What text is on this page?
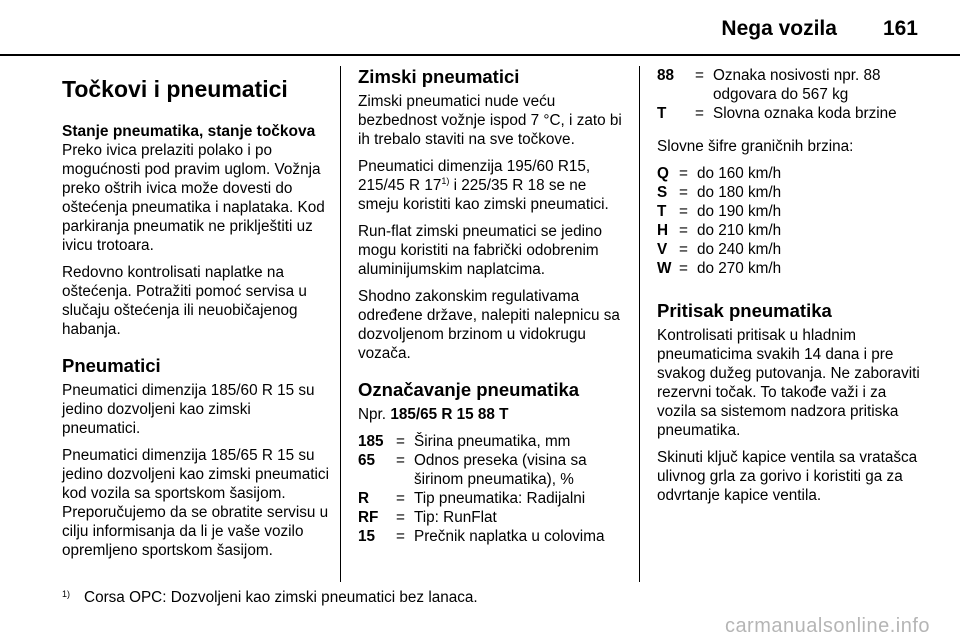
Nega vozila 161
Točkovi i pneumatici
Stanje pneumatika, stanje točkova

Preko ivica prelaziti polako i po mogućnosti pod pravim uglom. Vožnja preko oštrih ivica može dovesti do oštećenja pneumatika i naplataka. Kod parkiranja pneumatik ne priklještiti uz ivicu trotoara.

Redovno kontrolisati naplatke na oštećenja. Potražiti pomoć servisa u slučaju oštećenja ili neuobičajenog habanja.

Pneumatici

Pneumatici dimenzija 185/60 R 15 su jedino dozvoljeni kao zimski pneumatici.

Pneumatici dimenzija 185/65 R 15 su jedino dozvoljeni kao zimski pneumatici kod vozila sa sportskom šasijom. Preporučujemo da se obratite servisu u cilju informisanja da li je vaše vozilo opremljeno sportskom šasijom.

Zimski pneumatici

Zimski pneumatici nude veću bezbednost vožnje ispod 7 °C, i zato bi ih trebalo staviti na sve točkove.

Pneumatici dimenzija 195/60 R15, 215/45 R 17$^{1)}$ i 225/35 R 18 se ne smeju koristiti kao zimski pneumatici.

Run-flat zimski pneumatici se jedino mogu koristiti na fabrički odobrenim aluminijumskim naplatcima.

Shodno zakonskim regulativama određene države, nalepiti nalepnicu sa dozvoljenom brzinom u vidokrugu vozača.

Označavanje pneumatika

Npr. 185/65 R 15 88 T

185 = Širina pneumatika, mm
65	= Odnos preseka (visina sa širinom pneumatika), %
R	= Tip pneumatika: Radijalni
RF	= Tip: RunFlat
15	= Prečnik naplatka u colovima
88	= Oznaka nosivosti npr. 88 odgovara do 567 kg
T	= Slovna oznaka koda brzine

Slovne šifre graničnih brzina:

Q = do 160 km/h
S = do 180 km/h
T = do 190 km/h
H = do 210 km/h
V = do 240 km/h
W = do 270 km/h
Pritisak pneumatika

Kontrolisati pritisak u hladnim pneumaticima svakih 14 dana i pre svakog dužeg putovanja. Ne zaboraviti rezervni točak. To takođe važi i za vozila sa sistemom nadzora pritiska pneumatika.

Skinuti ključ kapice ventila sa vratašca ulivnog grla za gorivo i koristiti ga za odvrtanje kapice ventila.

1) Corsa OPC: Dozvoljeni kao zimski pneumatici bez lanaca.
carmanualsonline.info
